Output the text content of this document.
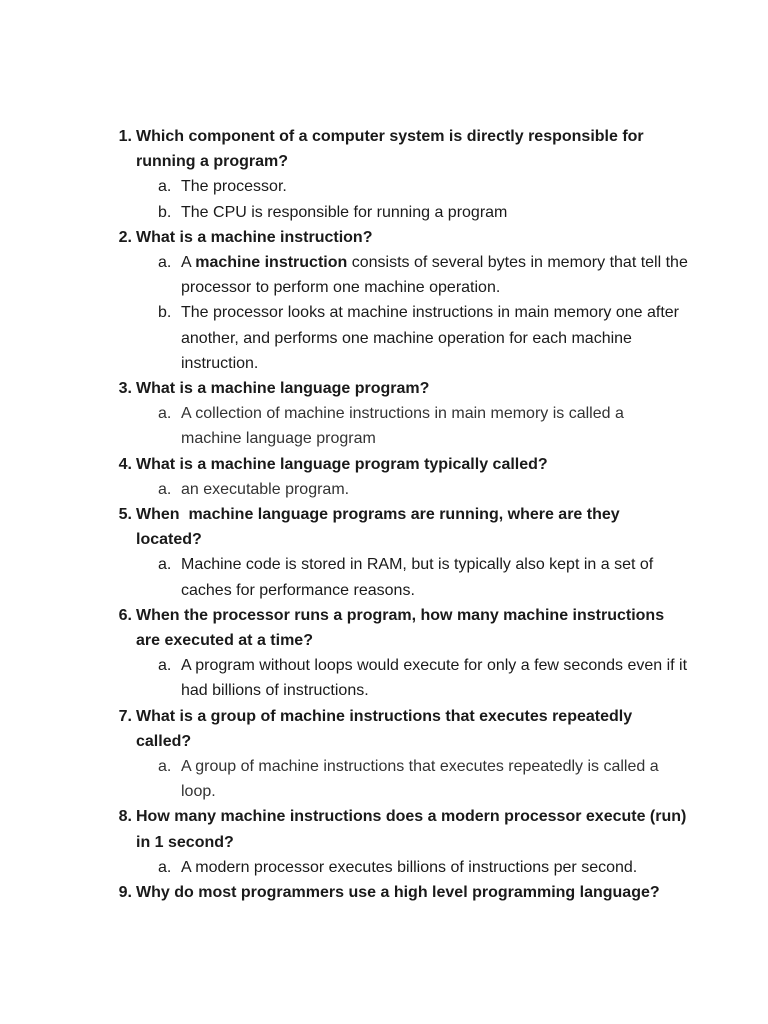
1. Which component of a computer system is directly responsible for running a program?
a. The processor.
b. The CPU is responsible for running a program
2. What is a machine instruction?
a. A machine instruction consists of several bytes in memory that tell the processor to perform one machine operation.
b. The processor looks at machine instructions in main memory one after another, and performs one machine operation for each machine instruction.
3. What is a machine language program?
a. A collection of machine instructions in main memory is called a machine language program
4. What is a machine language program typically called?
a. an executable program.
5. When  machine language programs are running, where are they located?
a. Machine code is stored in RAM, but is typically also kept in a set of caches for performance reasons.
6. When the processor runs a program, how many machine instructions are executed at a time?
a. A program without loops would execute for only a few seconds even if it had billions of instructions.
7. What is a group of machine instructions that executes repeatedly called?
a. A group of machine instructions that executes repeatedly is called a loop.
8. How many machine instructions does a modern processor execute (run) in 1 second?
a. A modern processor executes billions of instructions per second.
9. Why do most programmers use a high level programming language?
